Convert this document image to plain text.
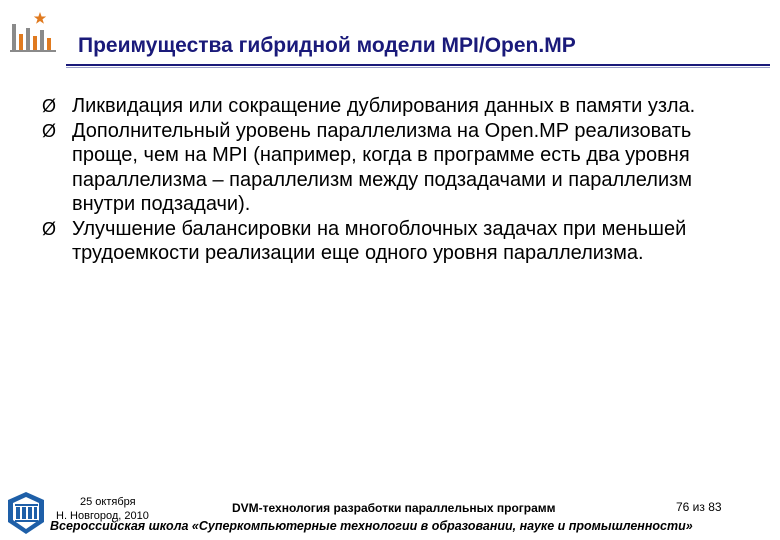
Преимущества гибридной модели MPI/Open.MP
Ø Ликвидация или сокращение дублирования данных в памяти узла.
Ø Дополнительный уровень параллелизма на Open.MP реализовать проще, чем на MPI (например, когда в программе есть два уровня параллелизма – параллелизм между подзадачами и параллелизм внутри подзадачи).
Ø Улучшение балансировки на многоблочных задачах при меньшей трудоемкости реализации еще одного уровня параллелизма.
25 октября
Н. Новгород, 2010
DVM-технология разработки параллельных программ	76 из 83
Всероссийская школа «Суперкомпьютерные технологии в образовании, науке и промышленности»
